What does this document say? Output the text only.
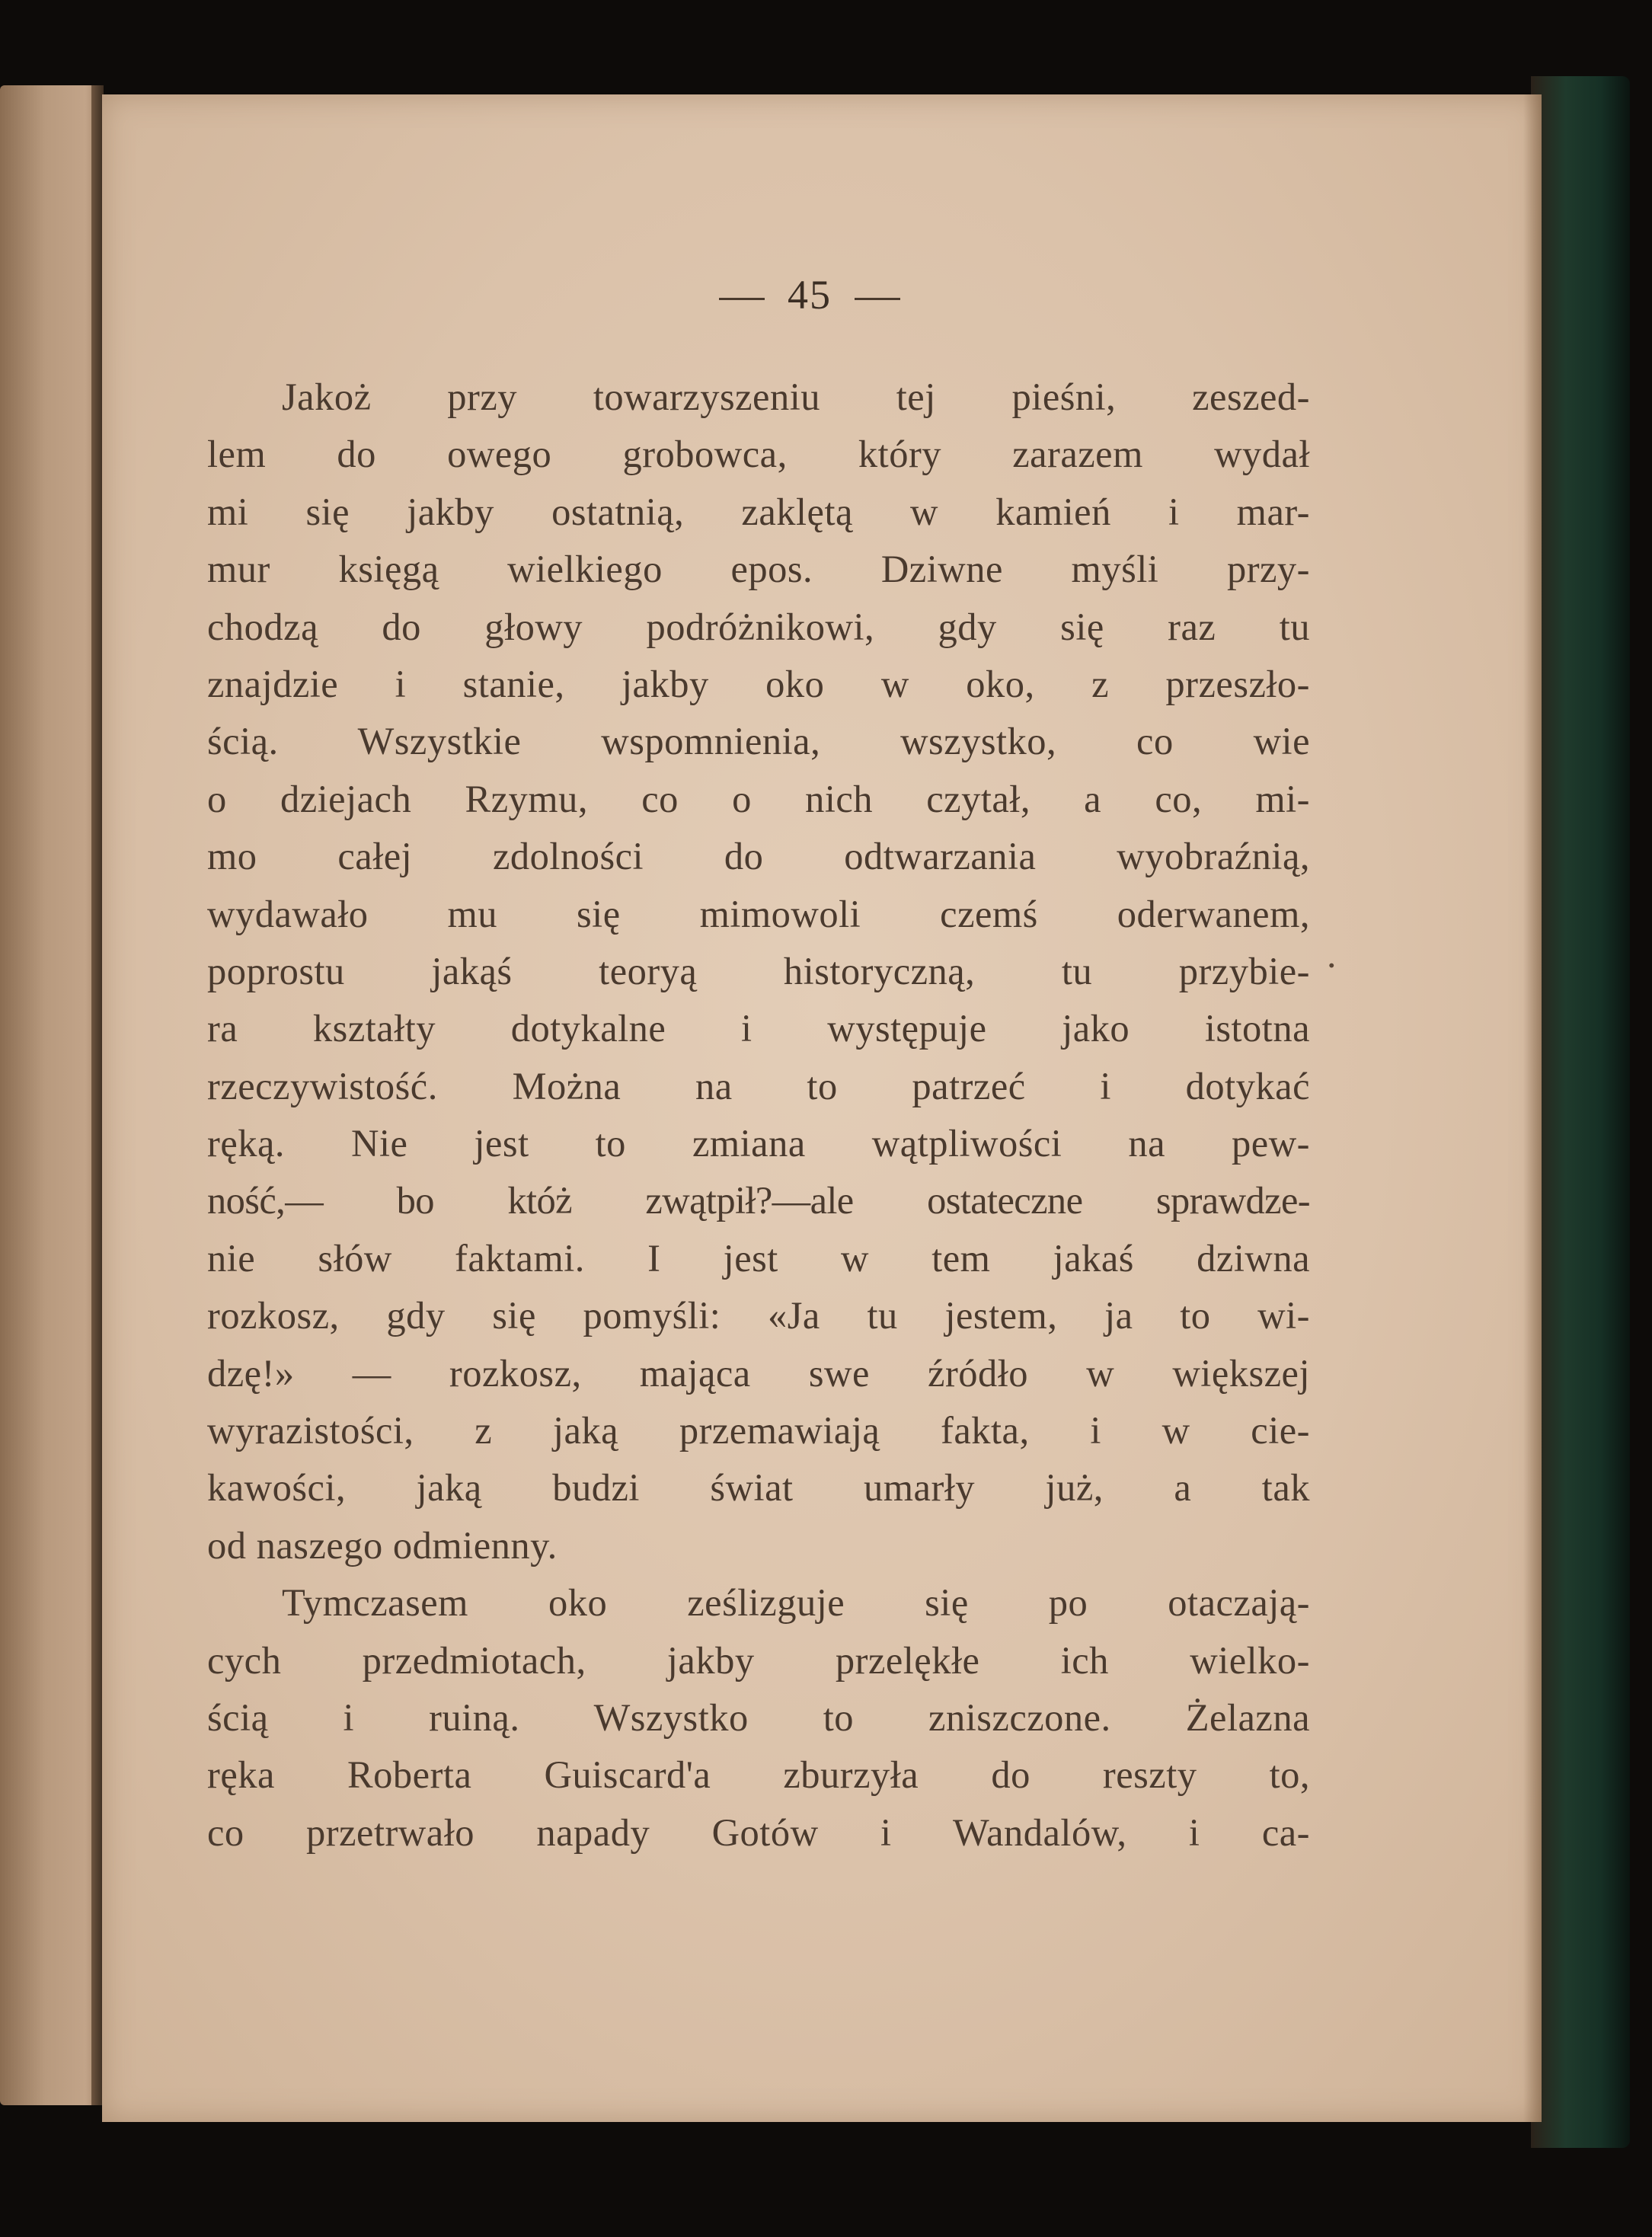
45
Jakoż przy towarzyszeniu tej pieśni, zeszed-
lem do owego grobowca, który zarazem wydał
mi się jakby ostatnią, zaklętą w kamień i mar-
mur księgą wielkiego epos. Dziwne myśli przy-
chodzą do głowy podróżnikowi, gdy się raz tu
znajdzie i stanie, jakby oko w oko, z przeszło-
ścią. Wszystkie wspomnienia, wszystko, co wie
o dziejach Rzymu, co o nich czytał, a co, mi-
mo całej zdolności do odtwarzania wyobraźnią,
wydawało mu się mimowoli czemś oderwanem,
poprostu jakąś teoryą historyczną, tu przybie-
ra kształty dotykalne i występuje jako istotna
rzeczywistość. Można na to patrzeć i dotykać
ręką. Nie jest to zmiana wątpliwości na pew-
ność,— bo któż zwątpił?—ale ostateczne sprawdze-
nie słów faktami. I jest w tem jakaś dziwna
rozkosz, gdy się pomyśli: «Ja tu jestem, ja to wi-
dzę!» — rozkosz, mająca swe źródło w większej
wyrazistości, z jaką przemawiają fakta, i w cie-
kawości, jaką budzi świat umarły już, a tak
od naszego odmienny.
Tymczasem oko ześlizguje się po otaczają-
cych przedmiotach, jakby przelękłe ich wielko-
ścią i ruiną. Wszystko to zniszczone. Żelazna
ręka Roberta Guiscard'a zburzyła do reszty to,
co przetrwało napady Gotów i Wandalów, i ca-
.
